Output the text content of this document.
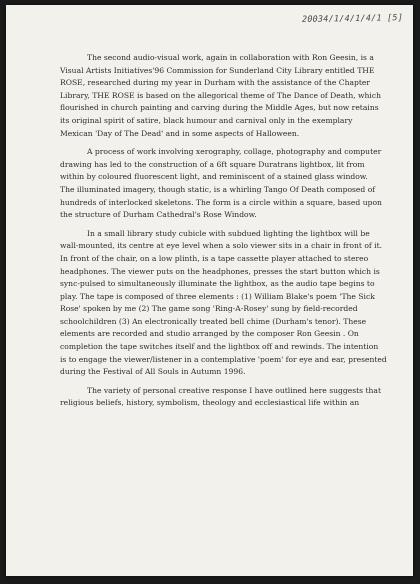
20034/1/4/1/4/1 [5]
The second audio-visual work, again in collaboration with Ron Geesin, is a
Visual Artists Initiatives'96 Commission for Sunderland City Library entitled THE
ROSE, researched during my year in Durham with the assistance of the Chapter
Library, THE ROSE is based on the allegorical theme of The Dance of Death, which
flourished in church painting and carving during the Middle Ages, but now retains
its original spirit of satire, black humour and carnival only in the exemplary
Mexican 'Day of The Dead' and in some aspects of Halloween.
A process of work involving xerography, collage, photography and computer
drawing has led to the construction of a 6ft square Duratrans lightbox, lit from
within by coloured fluorescent light, and reminiscent of a stained glass window.
The illuminated imagery, though static, is a whirling Tango Of Death composed of
hundreds of interlocked skeletons. The form is a circle within a square, based upon
the structure of Durham Cathedral's Rose Window.
In a small library study cubicle with subdued lighting the lightbox will be
wall-mounted, its centre at eye level when a solo viewer sits in a chair in front of it.
In front of the chair, on a low plinth, is a tape cassette player attached to stereo
headphones. The viewer puts on the headphones, presses the start button which is
sync-pulsed to simultaneously illuminate the lightbox, as the audio tape begins to
play. The tape is composed of three elements : (1) William Blake's poem 'The Sick
Rose' spoken by me (2) The game song 'Ring-A-Rosey' sung by field-recorded
schoolchildren (3) An electronically treated bell chime (Durham's tenor). These
elements are recorded and studio arranged by the composer Ron Geesin . On
completion the tape switches itself and the lightbox off and rewinds. The intention
is to engage the viewer/listener in a contemplative 'poem' for eye and ear, presented
during the Festival of All Souls in Autumn 1996.
The variety of personal creative response I have outlined here suggests that
religious beliefs, history, symbolism, theology and ecclesiastical life within an
